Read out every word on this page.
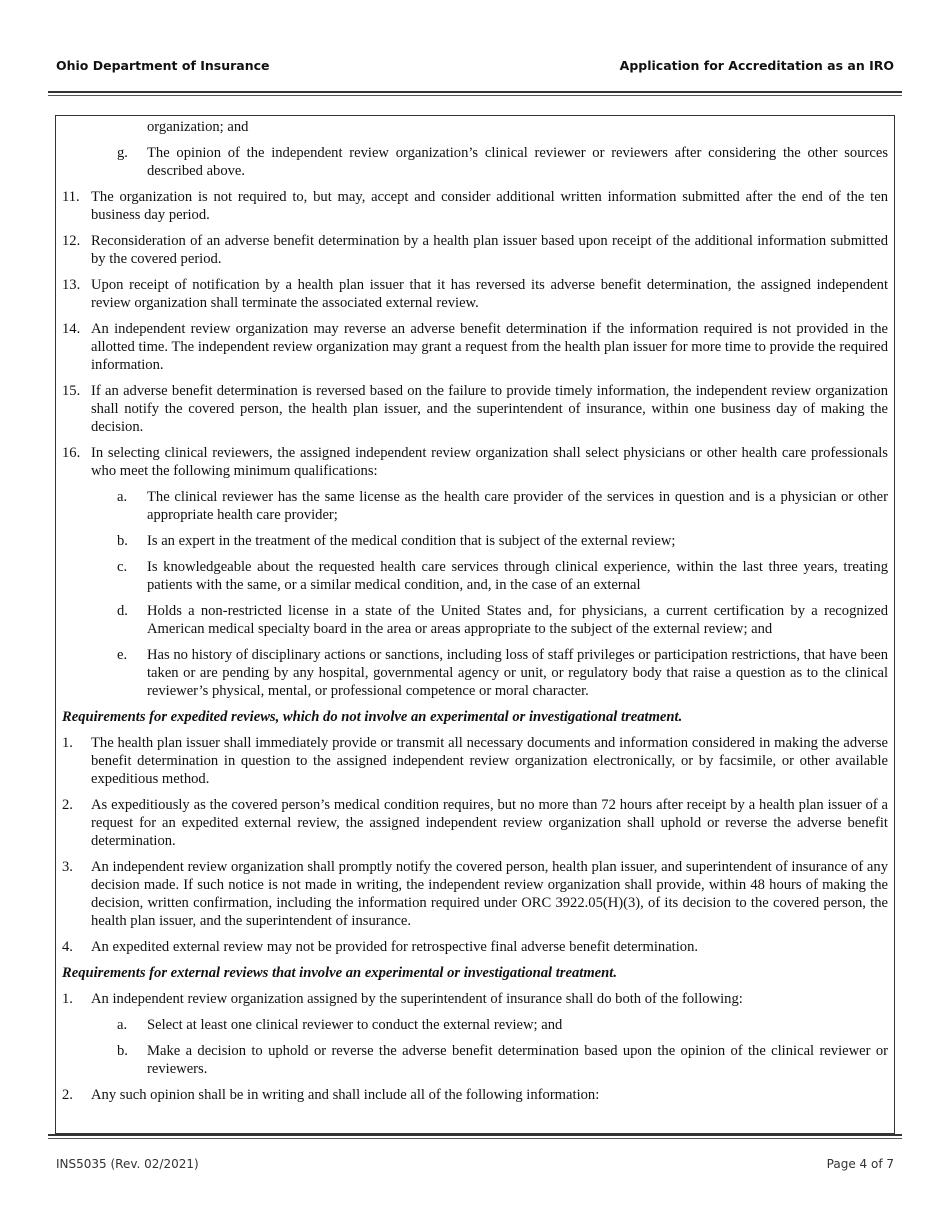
Ohio Department of Insurance	Application for Accreditation as an IRO
organization; and
g. The opinion of the independent review organization’s clinical reviewer or reviewers after considering the other sources described above.
11. The organization is not required to, but may, accept and consider additional written information submitted after the end of the ten business day period.
12. Reconsideration of an adverse benefit determination by a health plan issuer based upon receipt of the additional information submitted by the covered period.
13. Upon receipt of notification by a health plan issuer that it has reversed its adverse benefit determination, the assigned independent review organization shall terminate the associated external review.
14. An independent review organization may reverse an adverse benefit determination if the information required is not provided in the allotted time. The independent review organization may grant a request from the health plan issuer for more time to provide the required information.
15. If an adverse benefit determination is reversed based on the failure to provide timely information, the independent review organization shall notify the covered person, the health plan issuer, and the superintendent of insurance, within one business day of making the decision.
16. In selecting clinical reviewers, the assigned independent review organization shall select physicians or other health care professionals who meet the following minimum qualifications:
a. The clinical reviewer has the same license as the health care provider of the services in question and is a physician or other appropriate health care provider;
b. Is an expert in the treatment of the medical condition that is subject of the external review;
c. Is knowledgeable about the requested health care services through clinical experience, within the last three years, treating patients with the same, or a similar medical condition, and, in the case of an external
d. Holds a non-restricted license in a state of the United States and, for physicians, a current certification by a recognized American medical specialty board in the area or areas appropriate to the subject of the external review; and
e. Has no history of disciplinary actions or sanctions, including loss of staff privileges or participation restrictions, that have been taken or are pending by any hospital, governmental agency or unit, or regulatory body that raise a question as to the clinical reviewer’s physical, mental, or professional competence or moral character.
Requirements for expedited reviews, which do not involve an experimental or investigational treatment.
1. The health plan issuer shall immediately provide or transmit all necessary documents and information considered in making the adverse benefit determination in question to the assigned independent review organization electronically, or by facsimile, or other available expeditious method.
2. As expeditiously as the covered person’s medical condition requires, but no more than 72 hours after receipt by a health plan issuer of a request for an expedited external review, the assigned independent review organization shall uphold or reverse the adverse benefit determination.
3. An independent review organization shall promptly notify the covered person, health plan issuer, and superintendent of insurance of any decision made. If such notice is not made in writing, the independent review organization shall provide, within 48 hours of making the decision, written confirmation, including the information required under ORC 3922.05(H)(3), of its decision to the covered person, the health plan issuer, and the superintendent of insurance.
4. An expedited external review may not be provided for retrospective final adverse benefit determination.
Requirements for external reviews that involve an experimental or investigational treatment.
1. An independent review organization assigned by the superintendent of insurance shall do both of the following:
a. Select at least one clinical reviewer to conduct the external review; and
b. Make a decision to uphold or reverse the adverse benefit determination based upon the opinion of the clinical reviewer or reviewers.
2. Any such opinion shall be in writing and shall include all of the following information:
INS5035 (Rev. 02/2021)	Page 4 of 7
